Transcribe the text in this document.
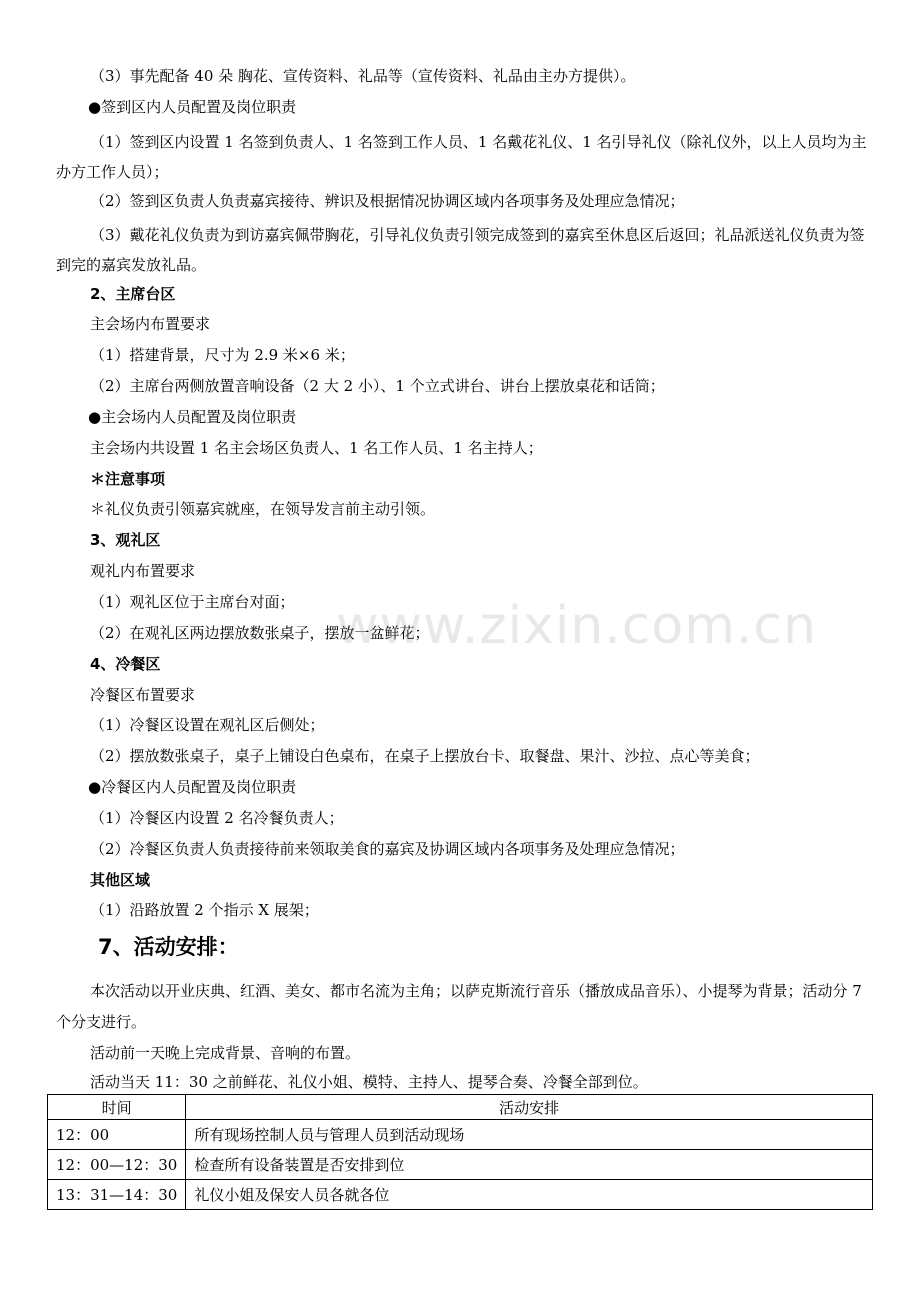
（3）事先配备 40 朵 胸花、宣传资料、礼品等（宣传资料、礼品由主办方提供）。
●签到区内人员配置及岗位职责
（1）签到区内设置 1 名签到负责人、1 名签到工作人员、1 名戴花礼仪、1 名引导礼仪（除礼仪外，以上人员均为主办方工作人员）；
（2）签到区负责人负责嘉宾接待、辨识及根据情况协调区域内各项事务及处理应急情况；
（3）戴花礼仪负责为到访嘉宾佩带胸花，引导礼仪负责引领完成签到的嘉宾至休息区后返回；礼品派送礼仪负责为签到完的嘉宾发放礼品。
2、主席台区
主会场内布置要求
（1）搭建背景，尺寸为 2.9 米×6 米；
（2）主席台两侧放置音响设备（2 大 2 小）、1 个立式讲台、讲台上摆放桌花和话筒；
●主会场内人员配置及岗位职责
主会场内共设置 1 名主会场区负责人、1 名工作人员、1 名主持人；
＊注意事项
＊礼仪负责引领嘉宾就座，在领导发言前主动引领。
3、观礼区
观礼内布置要求
（1）观礼区位于主席台对面；
（2）在观礼区两边摆放数张桌子，摆放一盆鲜花；
4、冷餐区
冷餐区布置要求
（1）冷餐区设置在观礼区后侧处；
（2）摆放数张桌子，桌子上铺设白色桌布，在桌子上摆放台卡、取餐盘、果汁、沙拉、点心等美食；
●冷餐区内人员配置及岗位职责
（1）冷餐区内设置 2 名冷餐负责人；
（2）冷餐区负责人负责接待前来领取美食的嘉宾及协调区域内各项事务及处理应急情况；
其他区域
（1）沿路放置 2 个指示 X 展架；
7、活动安排：
本次活动以开业庆典、红酒、美女、都市名流为主角；以萨克斯流行音乐（播放成品音乐）、小提琴为背景；活动分 7 个分支进行。
活动前一天晚上完成背景、音响的布置。
活动当天 11：30 之前鲜花、礼仪小姐、模特、主持人、提琴合奏、冷餐全部到位。
www.zixin.com.cn
时间	活动安排
12：00	所有现场控制人员与管理人员到活动现场
12：00—12：30	检查所有设备装置是否安排到位
13：31—14：30	礼仪小姐及保安人员各就各位
